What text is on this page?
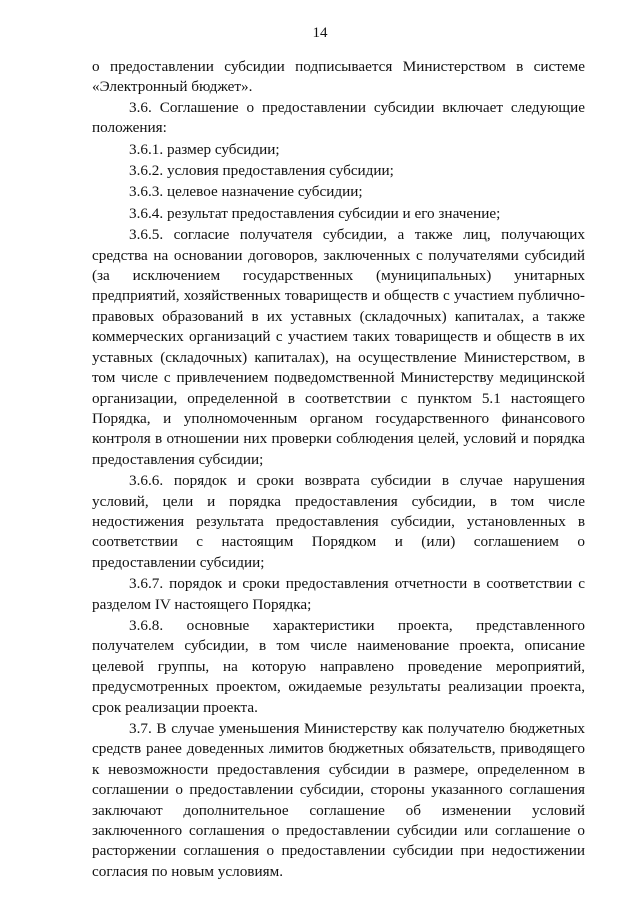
14

о предоставлении субсидии подписывается Министерством в системе «Электронный бюджет».

3.6. Соглашение о предоставлении субсидии включает следующие положения:

3.6.1. размер субсидии;

3.6.2. условия предоставления субсидии;

3.6.3. целевое назначение субсидии;

3.6.4. результат предоставления субсидии и его значение;

3.6.5. согласие получателя субсидии, а также лиц, получающих средства на основании договоров, заключенных с получателями субсидий (за исключением государственных (муниципальных) унитарных предприятий, хозяйственных товариществ и обществ с участием публично-правовых образований в их уставных (складочных) капиталах, а также коммерческих организаций с участием таких товариществ и обществ в их уставных (складочных) капиталах), на осуществление Министерством, в том числе с привлечением подведомственной Министерству медицинской организации, определенной в соответствии с пунктом 5.1 настоящего Порядка, и уполномоченным органом государственного финансового контроля в отношении них проверки соблюдения целей, условий и порядка предоставления субсидии;

3.6.6. порядок и сроки возврата субсидии в случае нарушения условий, цели и порядка предоставления субсидии, в том числе недостижения результата предоставления субсидии, установленных в соответствии с настоящим Порядком и (или) соглашением о предоставлении субсидии;

3.6.7. порядок и сроки предоставления отчетности в соответствии с разделом IV настоящего Порядка;

3.6.8. основные характеристики проекта, представленного получателем субсидии, в том числе наименование проекта, описание целевой группы, на которую направлено проведение мероприятий, предусмотренных проектом, ожидаемые результаты реализации проекта, срок реализации проекта.

3.7. В случае уменьшения Министерству как получателю бюджетных средств ранее доведенных лимитов бюджетных обязательств, приводящего к невозможности предоставления субсидии в размере, определенном в соглашении о предоставлении субсидии, стороны указанного соглашения заключают дополнительное соглашение об изменении условий заключенного соглашения о предоставлении субсидии или соглашение о расторжении соглашения о предоставлении субсидии при недостижении согласия по новым условиям.
